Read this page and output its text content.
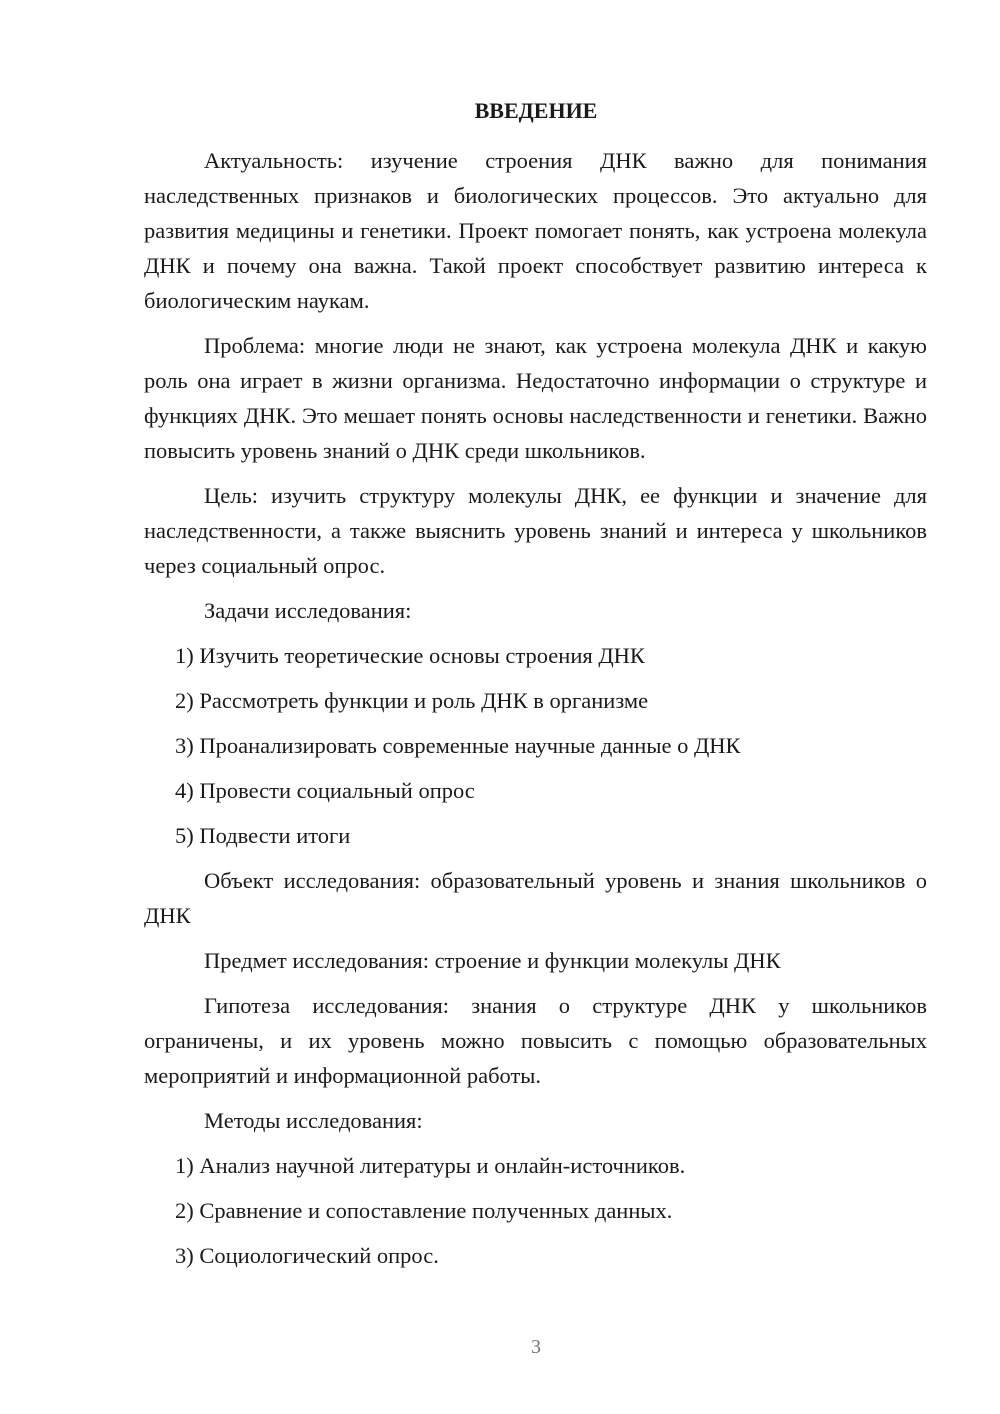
ВВЕДЕНИЕ

Актуальность: изучение строения ДНК важно для понимания наследственных признаков и биологических процессов. Это актуально для развития медицины и генетики. Проект помогает понять, как устроена молекула ДНК и почему она важна. Такой проект способствует развитию интереса к биологическим наукам.

Проблема: многие люди не знают, как устроена молекула ДНК и какую роль она играет в жизни организма. Недостаточно информации о структуре и функциях ДНК. Это мешает понять основы наследственности и генетики. Важно повысить уровень знаний о ДНК среди школьников.

Цель: изучить структуру молекулы ДНК, ее функции и значение для наследственности, а также выяснить уровень знаний и интереса у школьников через социальный опрос.

Задачи исследования:

1) Изучить теоретические основы строения ДНК

2) Рассмотреть функции и роль ДНК в организме

3) Проанализировать современные научные данные о ДНК

4) Провести социальный опрос

5) Подвести итоги

Объект исследования: образовательный уровень и знания школьников о ДНК

Предмет исследования: строение и функции молекулы ДНК

Гипотеза исследования: знания о структуре ДНК у школьников ограничены, и их уровень можно повысить с помощью образовательных мероприятий и информационной работы.

Методы исследования:

1) Анализ научной литературы и онлайн-источников.

2) Сравнение и сопоставление полученных данных.

3) Социологический опрос.

3
